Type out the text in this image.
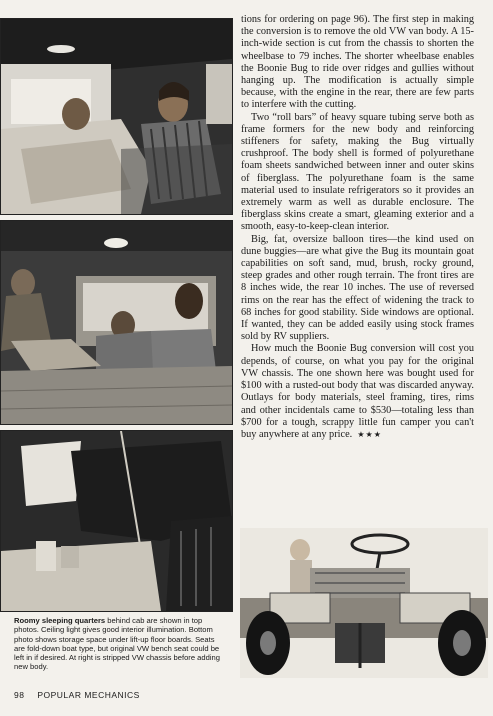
tions for ordering on page 96). The first step in making the conversion is to remove the old VW van body. A 15-inch-wide section is cut from the chassis to shorten the wheelbase to 79 inches. The shorter wheelbase enables the Boonie Bug to ride over ridges and gullies without hanging up. The modification is actually simple because, with the engine in the rear, there are few parts to interfere with the cutting.

Two “roll bars” of heavy square tubing serve both as frame formers for the new body and reinforcing stiffeners for safety, making the Bug virtually crushproof. The body shell is formed of polyurethane foam sheets sandwiched between inner and outer skins of fiberglass. The polyurethane foam is the same material used to insulate refrigerators so it provides an extremely warm as well as durable enclosure. The fiberglass skins create a smart, gleaming exterior and a smooth, easy-to-keep-clean interior.

Big, fat, oversize balloon tires—the kind used on dune buggies—are what give the Bug its mountain goat capabilities on soft sand, mud, brush, rocky ground, steep grades and other rough terrain. The front tires are 8 inches wide, the rear 10 inches. The use of reversed rims on the rear has the effect of widening the track to 68 inches for good stability. Side windows are optional. If wanted, they can be added easily using stock frames sold by RV suppliers.

How much the Boonie Bug conversion will cost you depends, of course, on what you pay for the original VW chassis. The one shown here was bought used for $100 with a rusted-out body that was discarded anyway. Outlays for body materials, steel framing, tires, rims and other incidentals came to $530—totaling less than $700 for a tough, scrappy little fun camper you can't buy anywhere at any price. ★★★

Roomy sleeping quarters behind cab are shown in top photos. Ceiling light gives good interior illumination. Bottom photo shows storage space under lift-up floor boards. Seats are fold-down boat type, but original VW bench seat could be left in if desired. At right is stripped VW chassis before adding new body.
98 POPULAR MECHANICS
